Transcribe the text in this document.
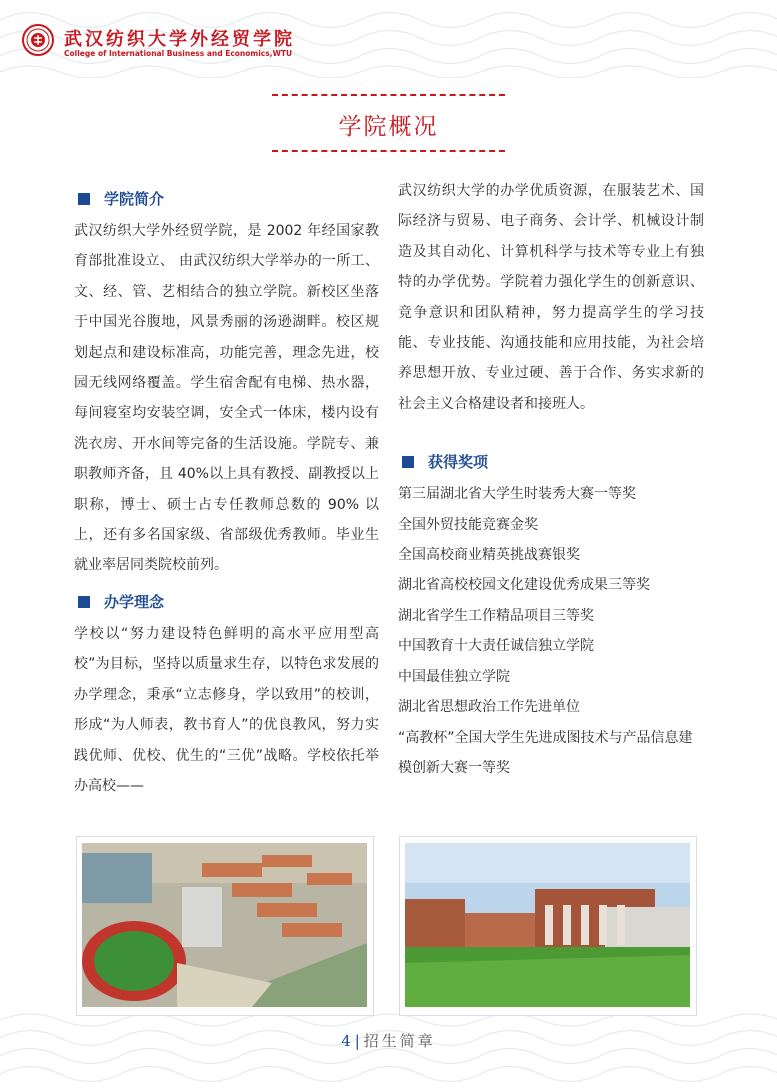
武汉纺织大学外经贸学院
College of International Business and Economics,WTU
学院概况
学院简介
武汉纺织大学外经贸学院，是 2002 年经国家教育部批准设立、 由武汉纺织大学举办的一所工、文、经、管、艺相结合的独立学院。新校区坐落于中国光谷腹地，风景秀丽的汤逊湖畔。校区规划起点和建设标准高，功能完善，理念先进，校园无线网络覆盖。学生宿舍配有电梯、热水器，每间寝室均安装空调，安全式一体床，楼内设有洗衣房、开水间等完备的生活设施。学院专、兼职教师齐备，且 40%以上具有教授、副教授以上职称，博士、硕士占专任教师总数的 90% 以上，还有多名国家级、省部级优秀教师。毕业生就业率居同类院校前列。
办学理念
学校以“努力建设特色鲜明的高水平应用型高校”为目标，坚持以质量求生存，以特色求发展的办学理念，秉承“立志修身，学以致用”的校训，形成“为人师表，教书育人”的优良教风，努力实践优师、优校、优生的“三优”战略。学校依托举办高校——
武汉纺织大学的办学优质资源，在服装艺术、国际经济与贸易、电子商务、会计学、机械设计制造及其自动化、计算机科学与技术等专业上有独特的办学优势。学院着力强化学生的创新意识、竞争意识和团队精神，努力提高学生的学习技能、专业技能、沟通技能和应用技能，为社会培养思想开放、专业过硬、善于合作、务实求新的社会主义合格建设者和接班人。
获得奖项
第三届湖北省大学生时装秀大赛一等奖
全国外贸技能竞赛金奖
全国高校商业精英挑战赛银奖
湖北省高校校园文化建设优秀成果三等奖
湖北省学生工作精品项目三等奖
中国教育十大责任诚信独立学院
中国最佳独立学院
湖北省思想政治工作先进单位
“高教杯”全国大学生先进成图技术与产品信息建模创新大赛一等奖
4 | 招生简章
